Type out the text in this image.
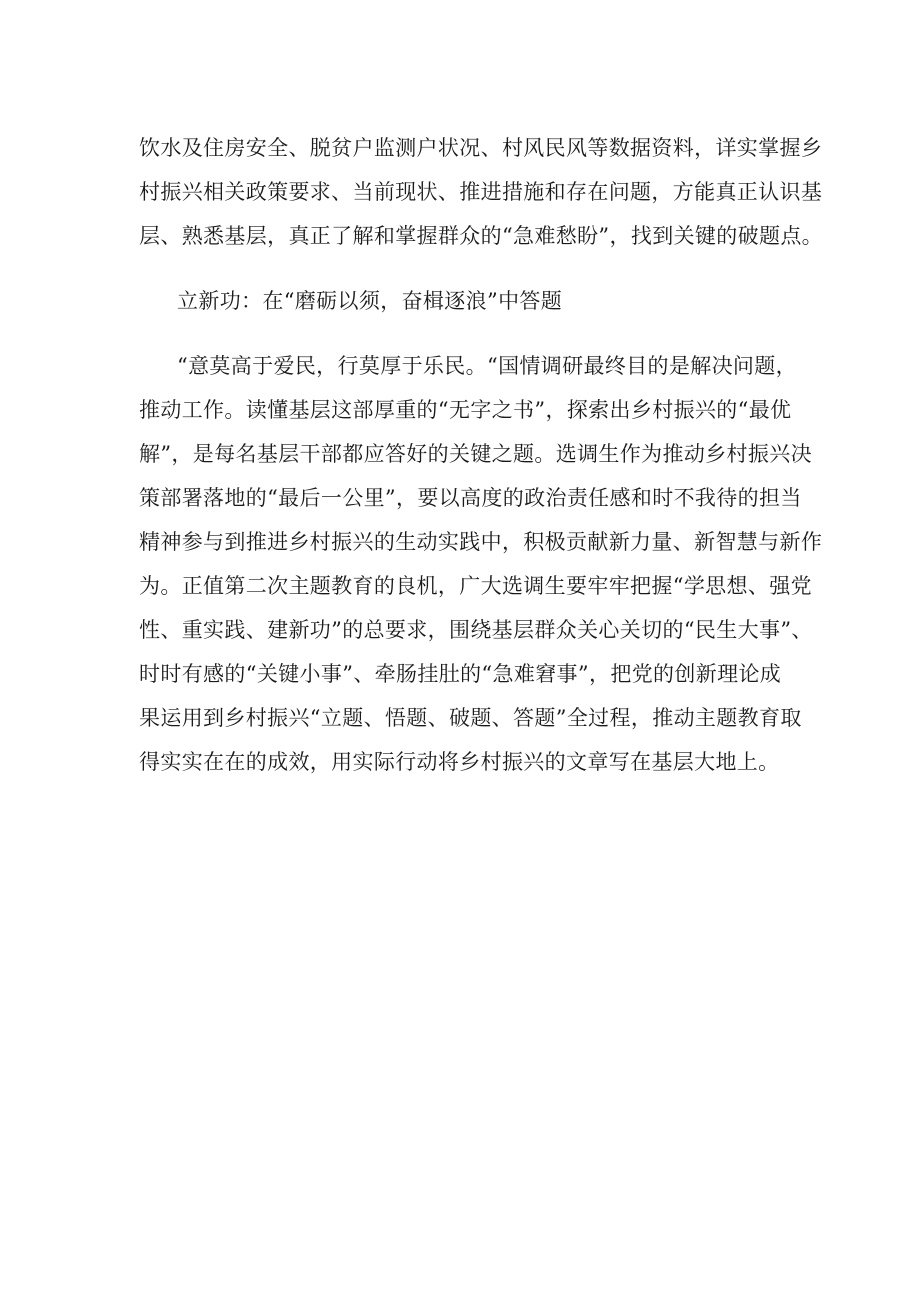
饮水及住房安全、脱贫户监测户状况、村风民风等数据资料，详实掌握乡
村振兴相关政策要求、当前现状、推进措施和存在问题，方能真正认识基
层、熟悉基层，真正了解和掌握群众的“急难愁盼”，找到关键的破题点。
立新功：在“磨砺以须，奋楫逐浪”中答题
“意莫高于爱民，行莫厚于乐民。“国情调研最终目的是解决问题，
推动工作。读懂基层这部厚重的“无字之书”，探索出乡村振兴的“最优
解”，是每名基层干部都应答好的关键之题。选调生作为推动乡村振兴决
策部署落地的“最后一公里”，要以高度的政治责任感和时不我待的担当
精神参与到推进乡村振兴的生动实践中，积极贡献新力量、新智慧与新作
为。正值第二次主题教育的良机，广大选调生要牢牢把握“学思想、强党
性、重实践、建新功”的总要求，围绕基层群众关心关切的“民生大事”、
时时有感的“关键小事”、牵肠挂肚的“急难窘事”，把党的创新理论成
果运用到乡村振兴“立题、悟题、破题、答题”全过程，推动主题教育取
得实实在在的成效，用实际行动将乡村振兴的文章写在基层大地上。
